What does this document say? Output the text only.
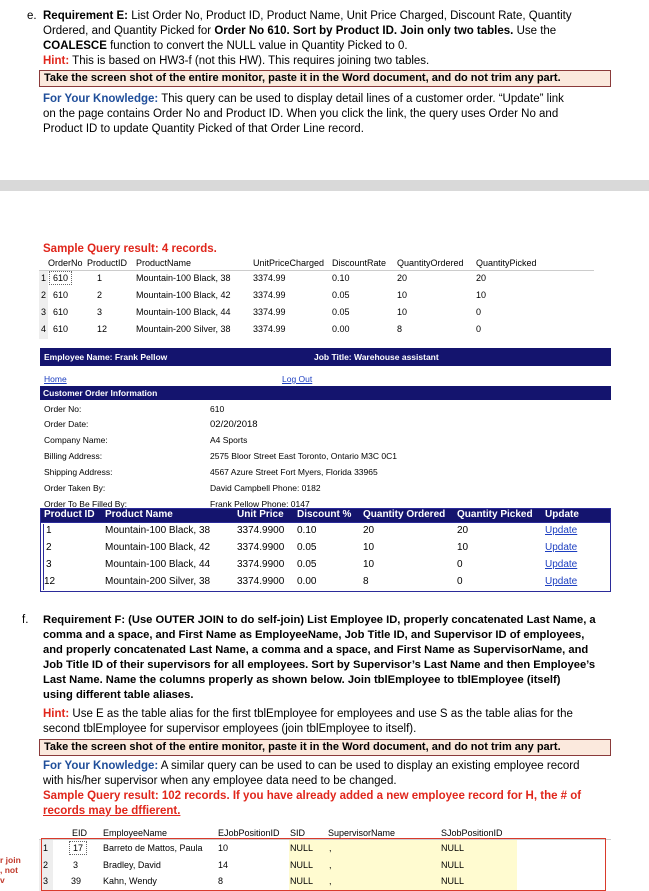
e. Requirement E: List Order No, Product ID, Product Name, Unit Price Charged, Discount Rate, Quantity
Ordered, and Quantity Picked for Order No 610. Sort by Product ID. Join only two tables. Use the
COALESCE function to convert the NULL value in Quantity Picked to 0.
Hint: This is based on HW3-f (not this HW). This requires joining two tables.
Take the screen shot of the entire monitor, paste it in the Word document, and do not trim any part.
For Your Knowledge: This query can be used to display detail lines of a customer order. “Update” link
on the page contains Order No and Product ID. When you click the link, the query uses Order No and
Product ID to update Quantity Picked of that Order Line record.
Sample Query result: 4 records.
OrderNo ProductID ProductName	UnitPriceCharged DiscountRate QuantityOrdered QuantityPicked
1 610	1	Mountain-100 Black, 38 3374.99	0.10	20	20
2 610	2	Mountain-100 Black, 42 3374.99	0.05	10	10
3 610	3	Mountain-100 Black, 44 3374.99	0.05	10	0
4 610	12	Mountain-200 Silver, 38 3374.99	0.00	8	0
Employee Name: Frank Pellow	Job Title: Warehouse assistant
Home	Log Out
Customer Order Information
Order No:	610
Order Date:	02/20/2018
Company Name:	A4 Sports
Billing Address:	2575 Bloor Street East Toronto, Ontario M3C 0C1
Shipping Address:	4567 Azure Street Fort Myers, Florida 33965
Order Taken By:	David Campbell Phone: 0182
Order To Be Filled By:	Frank Pellow Phone: 0147
Product ID Product Name	Unit Price Discount % Quantity Ordered Quantity Picked Update
1	Mountain-100 Black, 38	3374.9900 0.10	20	20	Update
2	Mountain-100 Black, 42	3374.9900 0.05	10	10	Update
3	Mountain-100 Black, 44	3374.9900 0.05	10	0	Update
12	Mountain-200 Silver, 38	3374.9900 0.00	8	0	Update
f. Requirement F: (Use OUTER JOIN to do self-join) List Employee ID, properly concatenated Last Name, a
comma and a space, and First Name as EmployeeName, Job Title ID, and Supervisor ID of employees,
and properly concatenated Last Name, a comma and a space, and First Name as SupervisorName, and
Job Title ID of their supervisors for all employees. Sort by Supervisor’s Last Name and then Employee’s
Last Name. Name the columns properly as shown below. Join tblEmployee to tblEmployee (itself)
using different table aliases.
Hint: Use E as the table alias for the first tblEmployee for employees and use S as the table alias for the
second tblEmployee for supervisor employees (join tblEmployee to itself).
Take the screen shot of the entire monitor, paste it in the Word document, and do not trim any part.
For Your Knowledge: A similar query can be used to can be used to display an existing employee record
with his/her supervisor when any employee data need to be changed.
Sample Query result: 102 records. If you have already added a new employee record for H, the # of
records may be dffierent.
r join
, not
v
EID EmployeeName	EJobPositionID SID	SupervisorName	SJobPositionID
1	17	Barreto de Mattos, Paula 10	NULL ,	NULL
2	3	Bradley, David	14	NULL ,	NULL
3	39 Kahn, Wendy	8	NULL ,	NULL
